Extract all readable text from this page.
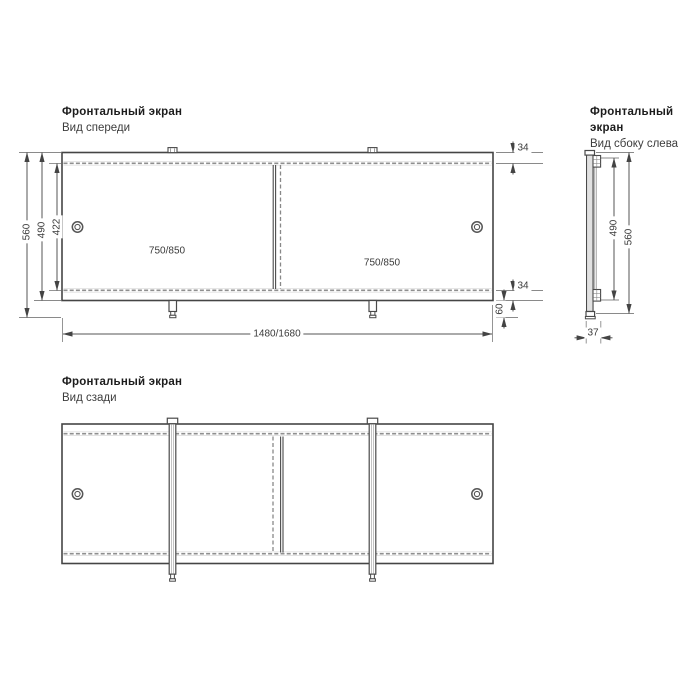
Фронтальный экран
Вид спереди
Фронтальный экран
Вид сбоку слева
Фронтальный экран
Вид сзади
560 490 422
750/850
750/850
1480/1680
34
34
60
490
560
37
